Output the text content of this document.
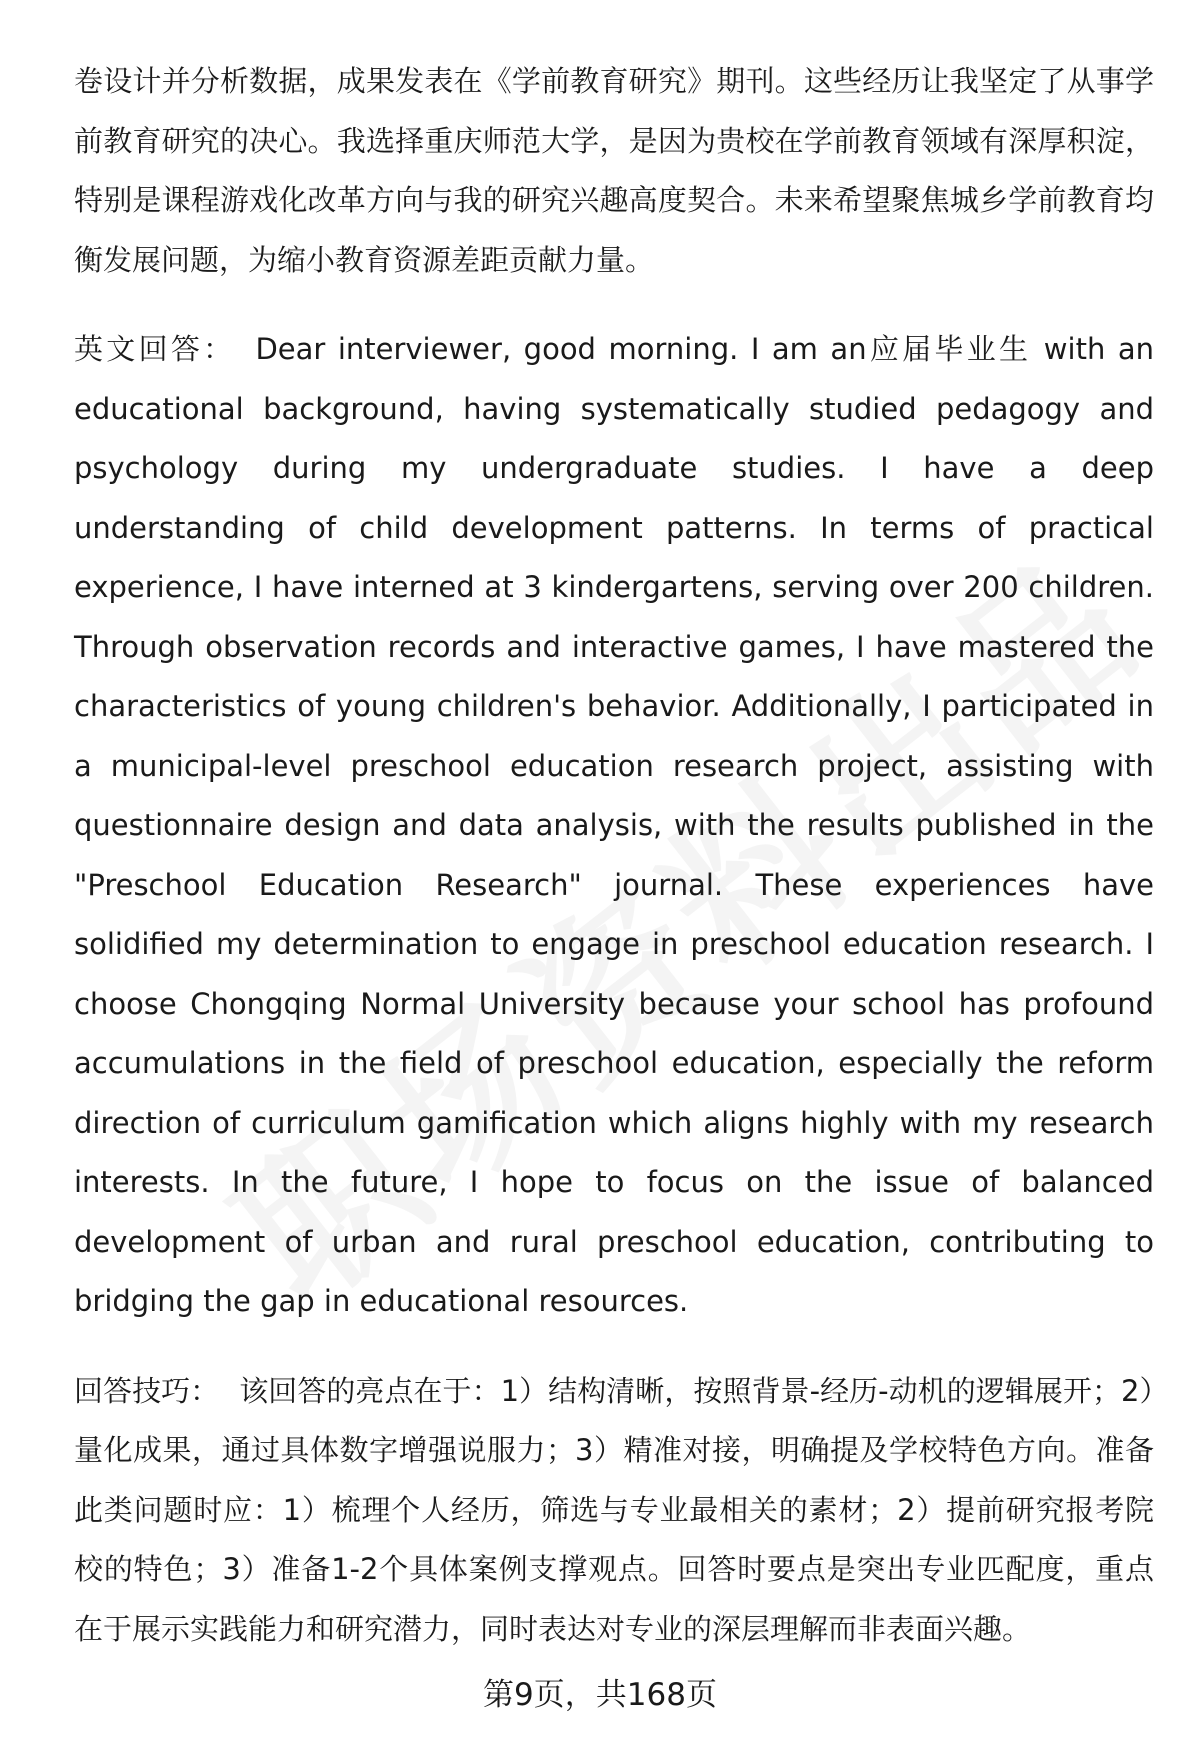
卷设计并分析数据，成果发表在《学前教育研究》期刊。这些经历让我坚定了从事学前教育研究的决心。我选择重庆师范大学，是因为贵校在学前教育领域有深厚积淀，特别是课程游戏化改革方向与我的研究兴趣高度契合。未来希望聚焦城乡学前教育均衡发展问题，为缩小教育资源差距贡献力量。

英文回答： Dear interviewer, good morning. I am an应届毕业生 with an educational background, having systematically studied pedagogy and psychology during my undergraduate studies. I have a deep understanding of child development patterns. In terms of practical experience, I have interned at 3 kindergartens, serving over 200 children. Through observation records and interactive games, I have mastered the characteristics of young children's behavior. Additionally, I participated in a municipal-level preschool education research project, assisting with questionnaire design and data analysis, with the results published in the "Preschool Education Research" journal. These experiences have solidified my determination to engage in preschool education research. I choose Chongqing Normal University because your school has profound accumulations in the field of preschool education, especially the reform direction of curriculum gamification which aligns highly with my research interests. In the future, I hope to focus on the issue of balanced development of urban and rural preschool education, contributing to bridging the gap in educational resources.

回答技巧： 该回答的亮点在于：1）结构清晰，按照背景-经历-动机的逻辑展开；2）量化成果，通过具体数字增强说服力；3）精准对接，明确提及学校特色方向。准备此类问题时应：1）梳理个人经历，筛选与专业最相关的素材；2）提前研究报考院校的特色；3）准备1-2个具体案例支撑观点。回答时要点是突出专业匹配度，重点在于展示实践能力和研究潜力，同时表达对专业的深层理解而非表面兴趣。

第9页，共168页
